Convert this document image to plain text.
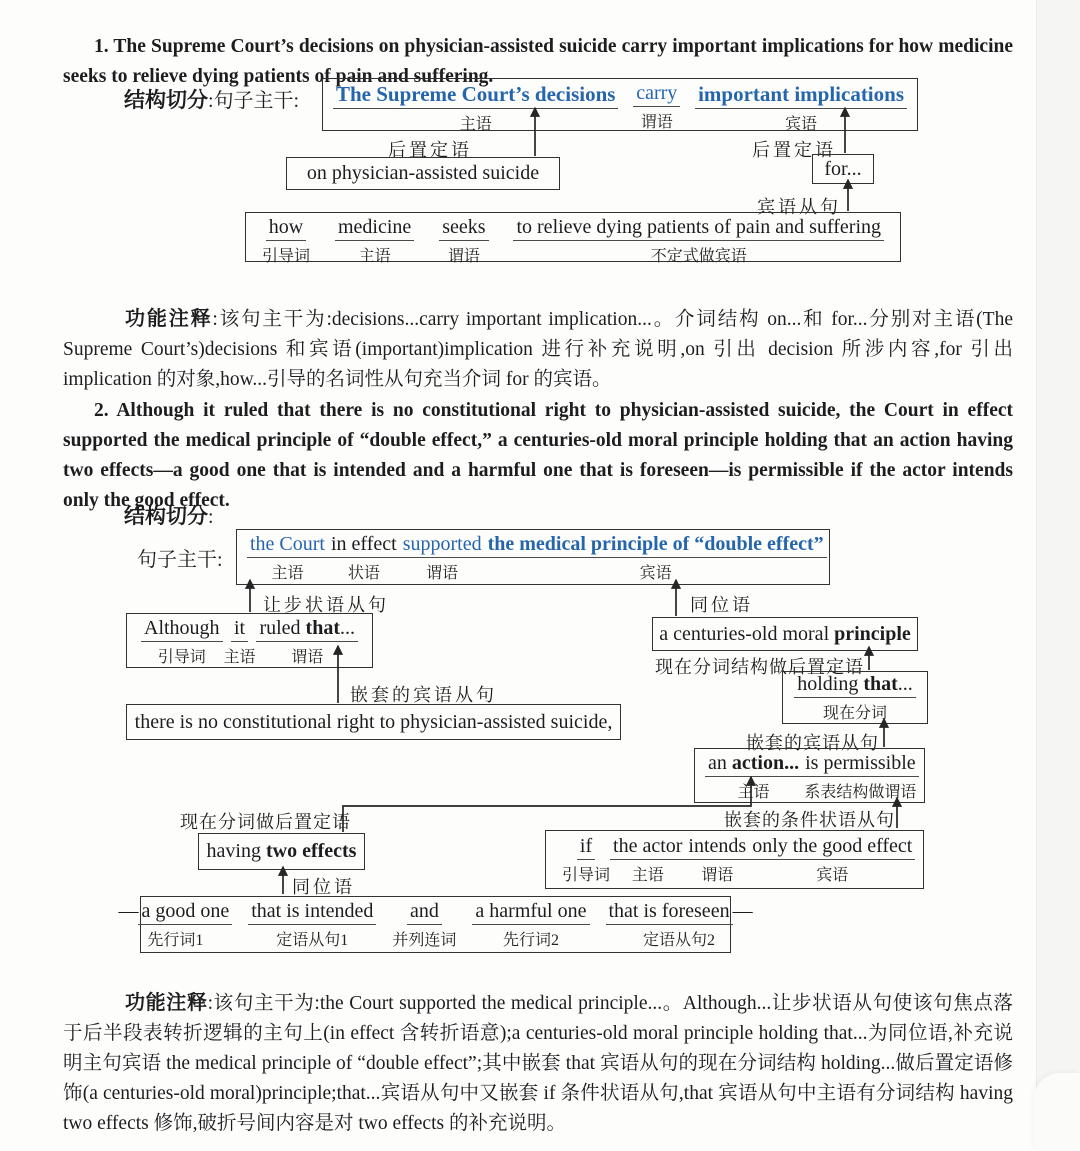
1. The Supreme Court’s decisions on physician-assisted suicide carry important implications for how medicine seeks to relieve dying patients of pain and suffering.

结构切分:句子主干: The Supreme Court’s decisions
主语
carry
谓语
important implications
宾语
后置定语	后置定语
on physician-assisted suicide	for...
宾语从句
how
引导词
medicine
主语
seeks
谓语
to relieve dying patients of pain and suffering
不定式做宾语

功能注释:该句主干为:decisions...carry important implication...。介词结构 on...和 for...分别对主语(The Supreme Court’s)decisions 和宾语(important)implication 进行补充说明,on 引出 decision 所涉内容,for 引出 implication 的对象,how...引导的名词性从句充当介词 for 的宾语。

2. Although it ruled that there is no constitutional right to physician-assisted suicide, the Court in effect supported the medical principle of “double effect,” a centuries-old moral principle holding that an action having two effects—a good one that is intended and a harmful one that is foreseen—is permissible if the actor intends only the good effect.

结构切分:
句子主干:
the Court
主语
in effect
状语
supported
谓语
the medical principle of “double effect”
宾语
让步状语从句	同位语
Although
引导词
it
主语
ruled that...
谓语
a centuries-old moral principle
现在分词结构做后置定语
holding that...
现在分词
嵌套的宾语从句
there is no constitutional right to physician-assisted suicide,
嵌套的宾语从句
an action...
主语
is permissible
系表结构做谓语
现在分词做后置定语	嵌套的条件状语从句
having two effects	if
引导词
the actor
主语
intends
谓语
only the good effect
宾语
同位语
— a good one
先行词1
that is intended
定语从句1
and
并列连词
a harmful one
先行词2
that is foreseen —
定语从句2

功能注释:该句主干为:the Court supported the medical principle...。Although...让步状语从句使该句焦点落于后半段表转折逻辑的主句上(in effect 含转折语意);a centuries-old moral principle holding that...为同位语,补充说明主句宾语 the medical principle of “double effect”;其中嵌套 that 宾语从句的现在分词结构 holding...做后置定语修饰(a centuries-old moral)principle;that...宾语从句中又嵌套 if 条件状语从句,that 宾语从句中主语有分词结构 having two effects 修饰,破折号间内容是对 two effects 的补充说明。
